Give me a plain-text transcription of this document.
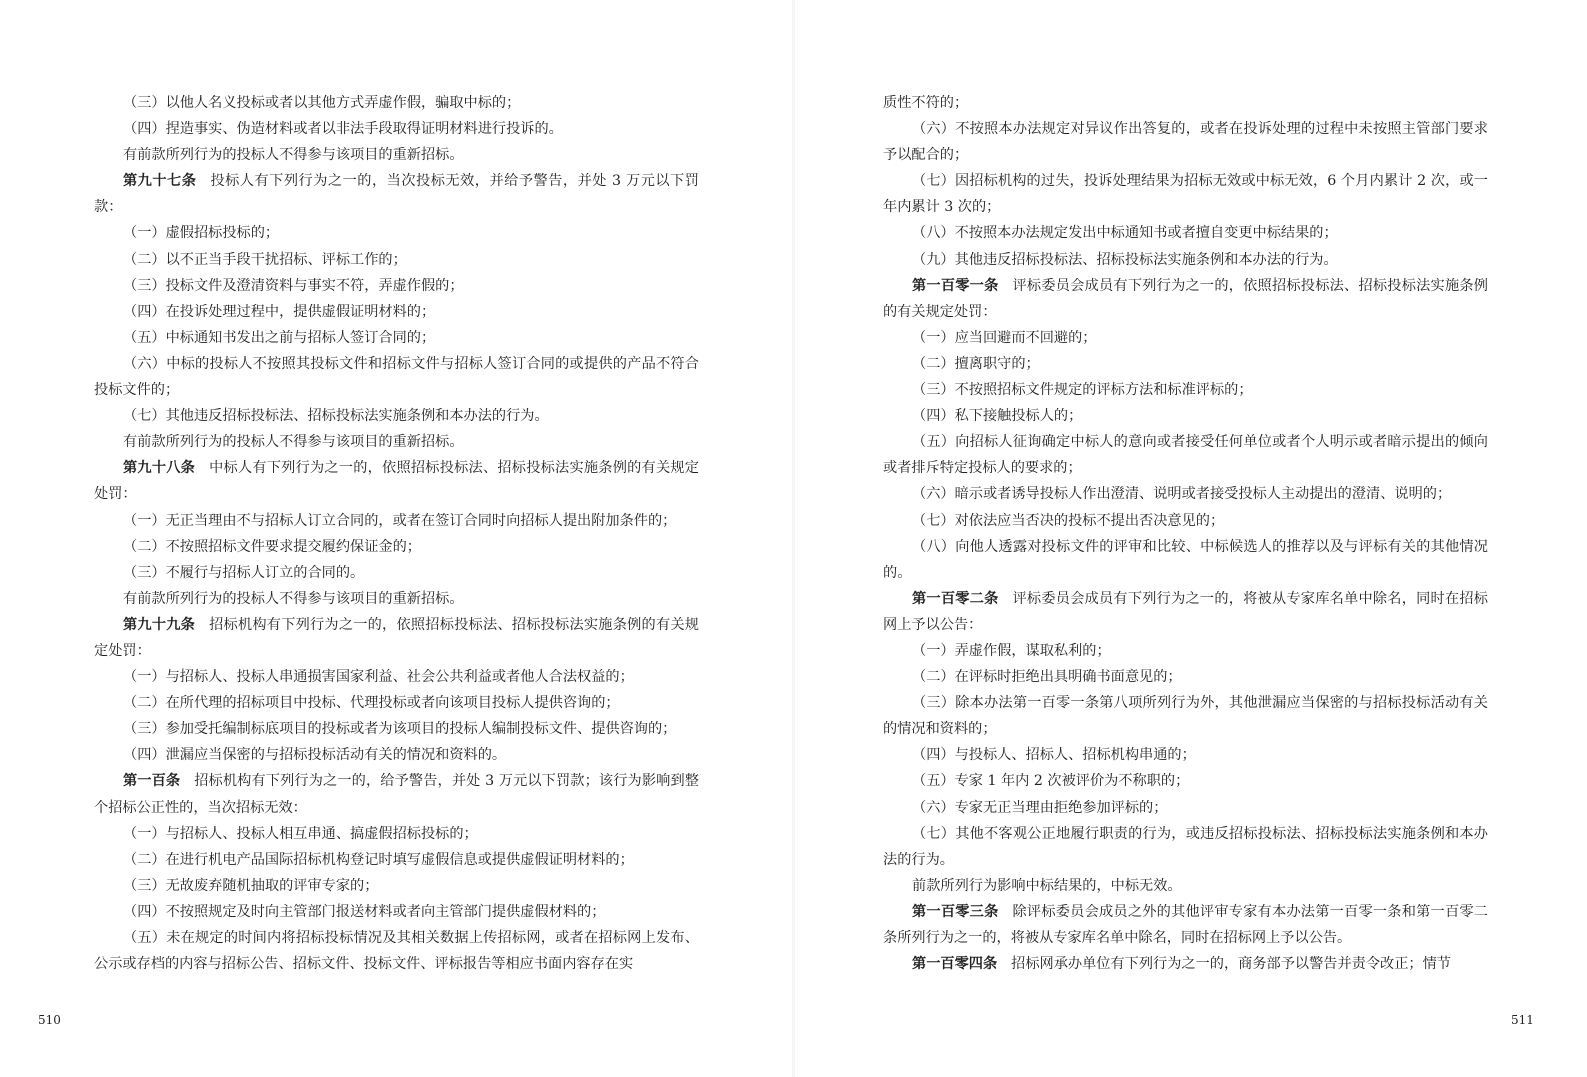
（三）以他人名义投标或者以其他方式弄虚作假，骗取中标的；

（四）捏造事实、伪造材料或者以非法手段取得证明材料进行投诉的。

有前款所列行为的投标人不得参与该项目的重新招标。

第九十七条 投标人有下列行为之一的，当次投标无效，并给予警告，并处 3 万元以下罚款：

（一）虚假招标投标的；

（二）以不正当手段干扰招标、评标工作的；

（三）投标文件及澄清资料与事实不符，弄虚作假的；

（四）在投诉处理过程中，提供虚假证明材料的；

（五）中标通知书发出之前与招标人签订合同的；

（六）中标的投标人不按照其投标文件和招标文件与招标人签订合同的或提供的产品不符合投标文件的；

（七）其他违反招标投标法、招标投标法实施条例和本办法的行为。

有前款所列行为的投标人不得参与该项目的重新招标。

第九十八条 中标人有下列行为之一的，依照招标投标法、招标投标法实施条例的有关规定处罚：

（一）无正当理由不与招标人订立合同的，或者在签订合同时向招标人提出附加条件的；

（二）不按照招标文件要求提交履约保证金的；

（三）不履行与招标人订立的合同的。

有前款所列行为的投标人不得参与该项目的重新招标。

第九十九条 招标机构有下列行为之一的，依照招标投标法、招标投标法实施条例的有关规定处罚：

（一）与招标人、投标人串通损害国家利益、社会公共利益或者他人合法权益的；

（二）在所代理的招标项目中投标、代理投标或者向该项目投标人提供咨询的；

（三）参加受托编制标底项目的投标或者为该项目的投标人编制投标文件、提供咨询的；

（四）泄漏应当保密的与招标投标活动有关的情况和资料的。

第一百条 招标机构有下列行为之一的，给予警告，并处 3 万元以下罚款；该行为影响到整个招标公正性的，当次招标无效：

（一）与招标人、投标人相互串通、搞虚假招标投标的；

（二）在进行机电产品国际招标机构登记时填写虚假信息或提供虚假证明材料的；

（三）无故废弃随机抽取的评审专家的；

（四）不按照规定及时向主管部门报送材料或者向主管部门提供虚假材料的；

（五）未在规定的时间内将招标投标情况及其相关数据上传招标网，或者在招标网上发布、公示或存档的内容与招标公告、招标文件、投标文件、评标报告等相应书面内容存在实

510

质性不符的；

（六）不按照本办法规定对异议作出答复的，或者在投诉处理的过程中未按照主管部门要求予以配合的；

（七）因招标机构的过失，投诉处理结果为招标无效或中标无效，6 个月内累计 2 次，或一年内累计 3 次的；

（八）不按照本办法规定发出中标通知书或者擅自变更中标结果的；

（九）其他违反招标投标法、招标投标法实施条例和本办法的行为。

第一百零一条 评标委员会成员有下列行为之一的，依照招标投标法、招标投标法实施条例的有关规定处罚：

（一）应当回避而不回避的；

（二）擅离职守的；

（三）不按照招标文件规定的评标方法和标准评标的；

（四）私下接触投标人的；

（五）向招标人征询确定中标人的意向或者接受任何单位或者个人明示或者暗示提出的倾向或者排斥特定投标人的要求的；

（六）暗示或者诱导投标人作出澄清、说明或者接受投标人主动提出的澄清、说明的；

（七）对依法应当否决的投标不提出否决意见的；

（八）向他人透露对投标文件的评审和比较、中标候选人的推荐以及与评标有关的其他情况的。

第一百零二条 评标委员会成员有下列行为之一的，将被从专家库名单中除名，同时在招标网上予以公告：

（一）弄虚作假，谋取私利的；

（二）在评标时拒绝出具明确书面意见的；

（三）除本办法第一百零一条第八项所列行为外，其他泄漏应当保密的与招标投标活动有关的情况和资料的；

（四）与投标人、招标人、招标机构串通的；

（五）专家 1 年内 2 次被评价为不称职的；

（六）专家无正当理由拒绝参加评标的；

（七）其他不客观公正地履行职责的行为，或违反招标投标法、招标投标法实施条例和本办法的行为。

前款所列行为影响中标结果的，中标无效。

第一百零三条 除评标委员会成员之外的其他评审专家有本办法第一百零一条和第一百零二条所列行为之一的，将被从专家库名单中除名，同时在招标网上予以公告。

第一百零四条 招标网承办单位有下列行为之一的，商务部予以警告并责令改正；情节

511
